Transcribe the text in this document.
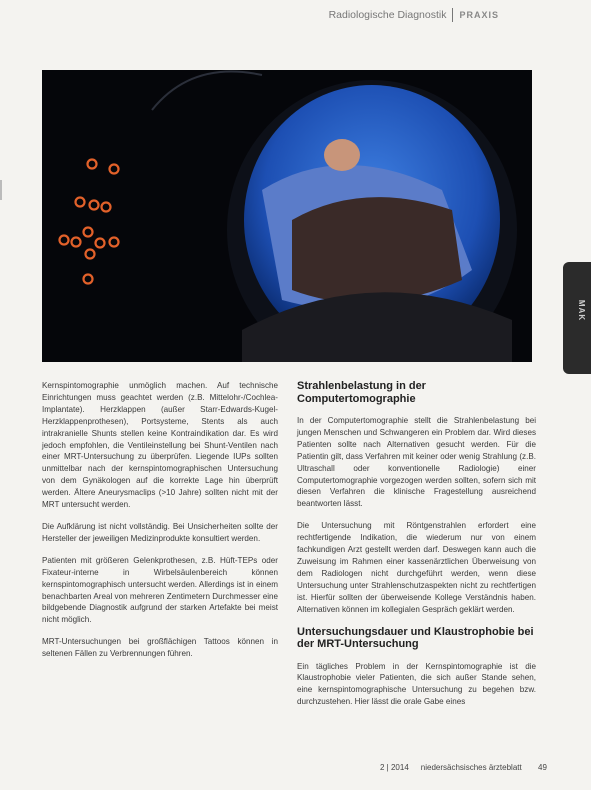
Radiologische Diagnostik PRAXIS
MAK

Kernspintomographie unmöglich machen. Auf technische Einrichtungen muss geachtet werden (z.B. Mittelohr-/Cochlea-Implantate). Herzklappen (außer Starr-Edwards-Kugel-Herzklappenprothesen), Portsysteme, Stents als auch intrakranielle Shunts stellen keine Kontraindikation dar. Es wird jedoch empfohlen, die Ventileinstellung bei Shunt-Ventilen nach einer MRT-Untersuchung zu überprüfen. Liegende IUPs sollten unmittelbar nach der kernspintomographischen Untersuchung von dem Gynäkologen auf die korrekte Lage hin überprüft werden. Ältere Aneurysmaclips (>10 Jahre) sollten nicht mit der MRT untersucht werden.

Die Aufklärung ist nicht vollständig. Bei Unsicherheiten sollte der Hersteller der jeweiligen Medizinprodukte konsultiert werden.

Patienten mit größeren Gelenkprothesen, z.B. Hüft-TEPs oder Fixateur-interne in Wirbelsäulenbereich können kernspintomographisch untersucht werden. Allerdings ist in einem benachbarten Areal von mehreren Zentimetern Durchmesser eine bildgebende Diagnostik aufgrund der starken Artefakte bei meist nicht möglich.

MRT-Untersuchungen bei großflächigen Tattoos können in seltenen Fällen zu Verbrennungen führen.

Strahlenbelastung in der Computertomographie

In der Computertomographie stellt die Strahlenbelastung bei jungen Menschen und Schwangeren ein Problem dar. Wird dieses Patienten sollte nach Alternativen gesucht werden. Für die Patientin gilt, dass Verfahren mit keiner oder wenig Strahlung (z.B. Ultraschall oder konventionelle Radiologie) einer Computertomographie vorgezogen werden sollten, sofern sich mit diesen Verfahren die klinische Fragestellung ausreichend beantworten lässt.

Die Untersuchung mit Röntgenstrahlen erfordert eine rechtfertigende Indikation, die wiederum nur von einem fachkundigen Arzt gestellt werden darf. Deswegen kann auch die Zuweisung im Rahmen einer kassenärztlichen Überweisung von dem Radiologen nicht durchgeführt werden, wenn diese Untersuchung unter Strahlenschutzaspekten nicht zu rechtfertigen ist. Hierfür sollten der überweisende Kollege Verständnis haben. Alternativen können im kollegialen Gespräch geklärt werden.

Untersuchungsdauer und Klaustrophobie bei der MRT-Untersuchung

Ein tägliches Problem in der Kernspintomographie ist die Klaustrophobie vieler Patienten, die sich außer Stande sehen, eine kernspintomographische Untersuchung zu begehen bzw. durchzustehen. Hier lässt die orale Gabe eines

2 | 2014 niedersächsisches ärzteblatt 49
